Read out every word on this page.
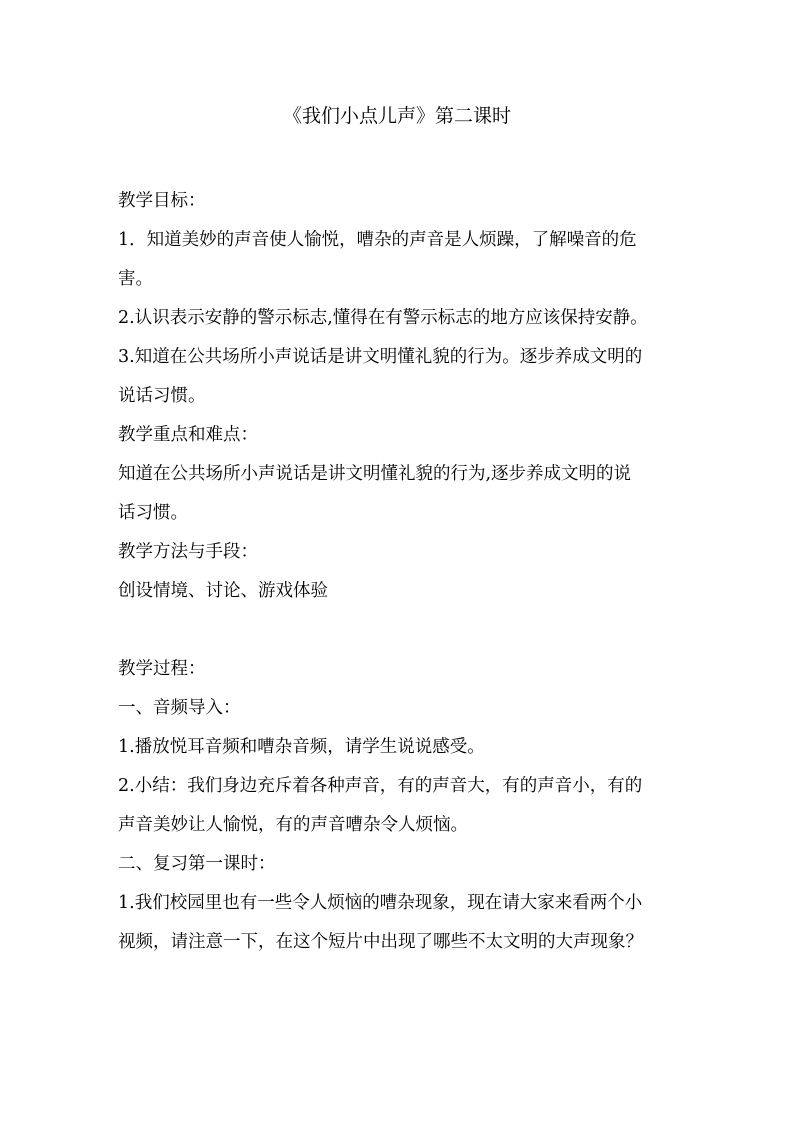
《我们小点儿声》第二课时
教学目标：
1．知道美妙的声音使人愉悦，嘈杂的声音是人烦躁，了解噪音的危
害。
2.认识表示安静的警示标志,懂得在有警示标志的地方应该保持安静。
3.知道在公共场所小声说话是讲文明懂礼貌的行为。逐步养成文明的
说话习惯。
教学重点和难点：
知道在公共场所小声说话是讲文明懂礼貌的行为,逐步养成文明的说
话习惯。
教学方法与手段：
创设情境、讨论、游戏体验
教学过程：
一、音频导入：
1.播放悦耳音频和嘈杂音频，请学生说说感受。
2.小结：我们身边充斥着各种声音，有的声音大，有的声音小，有的
声音美妙让人愉悦，有的声音嘈杂令人烦恼。
二、复习第一课时：
1.我们校园里也有一些令人烦恼的嘈杂现象，现在请大家来看两个小
视频，请注意一下，在这个短片中出现了哪些不太文明的大声现象？
